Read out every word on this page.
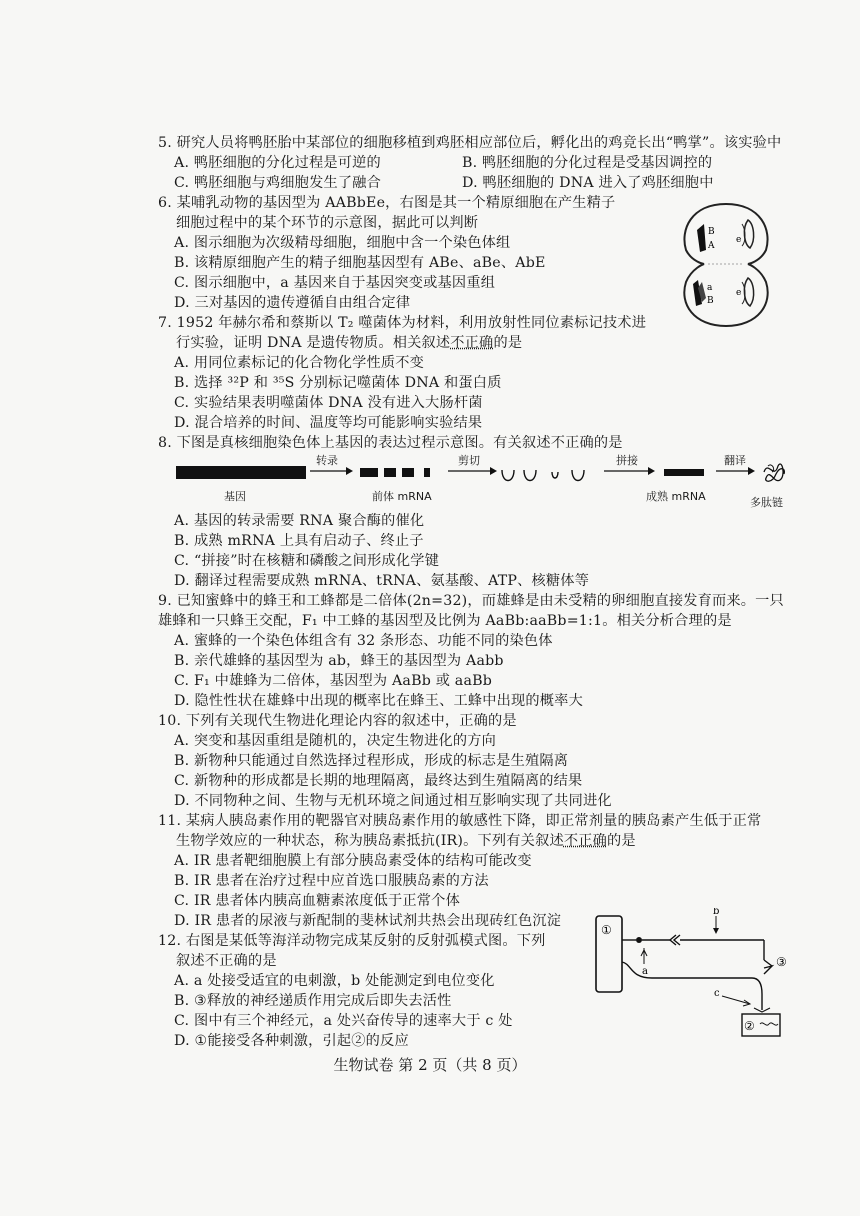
5. 研究人员将鸭胚胎中某部位的细胞移植到鸡胚相应部位后，孵化出的鸡竞长出“鸭掌”。该实验中
A. 鸭胚细胞的分化过程是可逆的	B. 鸭胚细胞的分化过程是受基因调控的
C. 鸭胚细胞与鸡细胞发生了融合	D. 鸭胚细胞的 DNA 进入了鸡胚细胞中
6. 某哺乳动物的基因型为 AABbEe，右图是其一个精原细胞在产生精子
细胞过程中的某个环节的示意图，据此可以判断
A. 图示细胞为次级精母细胞，细胞中含一个染色体组
B. 该精原细胞产生的精子细胞基因型有 ABe、aBe、AbE
C. 图示细胞中，a 基因来自于基因突变或基因重组
D. 三对基因的遗传遵循自由组合定律
B
A
e
a
B
e
7. 1952 年赫尔希和蔡斯以 T₂ 噬菌体为材料，利用放射性同位素标记技术进
行实验，证明 DNA 是遗传物质。相关叙述不正确的是
A. 用同位素标记的化合物化学性质不变
B. 选择 ³²P 和 ³⁵S 分别标记噬菌体 DNA 和蛋白质
C. 实验结果表明噬菌体 DNA 没有进入大肠杆菌
D. 混合培养的时间、温度等均可能影响实验结果
8. 下图是真核细胞染色体上基因的表达过程示意图。有关叙述不正确的是
基因
转录
前体 mRNA
剪切	拼接
成熟 mRNA
翻译
多肽链
A. 基因的转录需要 RNA 聚合酶的催化
B. 成熟 mRNA 上具有启动子、终止子
C. “拼接”时在核糖和磷酸之间形成化学键
D. 翻译过程需要成熟 mRNA、tRNA、氨基酸、ATP、核糖体等
9. 已知蜜蜂中的蜂王和工蜂都是二倍体(2n=32)，而雄蜂是由未受精的卵细胞直接发育而来。一只
雄蜂和一只蜂王交配，F₁ 中工蜂的基因型及比例为 AaBb:aaBb=1:1。相关分析合理的是
A. 蜜蜂的一个染色体组含有 32 条形态、功能不同的染色体
B. 亲代雄蜂的基因型为 ab，蜂王的基因型为 Aabb
C. F₁ 中雄蜂为二倍体，基因型为 AaBb 或 aaBb
D. 隐性性状在雄蜂中出现的概率比在蜂王、工蜂中出现的概率大
10. 下列有关现代生物进化理论内容的叙述中，正确的是
A. 突变和基因重组是随机的，决定生物进化的方向
B. 新物种只能通过自然选择过程形成，形成的标志是生殖隔离
C. 新物种的形成都是长期的地理隔离，最终达到生殖隔离的结果
D. 不同物种之间、生物与无机环境之间通过相互影响实现了共同进化
11. 某病人胰岛素作用的靶器官对胰岛素作用的敏感性下降，即正常剂量的胰岛素产生低于正常
生物学效应的一种状态，称为胰岛素抵抗(IR)。下列有关叙述不正确的是
A. IR 患者靶细胞膜上有部分胰岛素受体的结构可能改变
B. IR 患者在治疗过程中应首选口服胰岛素的方法
C. IR 患者体内胰高血糖素浓度低于正常个体
D. IR 患者的尿液与新配制的斐林试剂共热会出现砖红色沉淀
12. 右图是某低等海洋动物完成某反射的反射弧模式图。下列
叙述不正确的是
A. a 处接受适宜的电刺激，b 处能测定到电位变化
B. ③释放的神经递质作用完成后即失去活性
C. 图中有三个神经元，a 处兴奋传导的速率大于 c 处
D. ①能接受各种刺激，引起②的反应
①
a
b
③
c
②
生物试卷 第 2 页（共 8 页）
